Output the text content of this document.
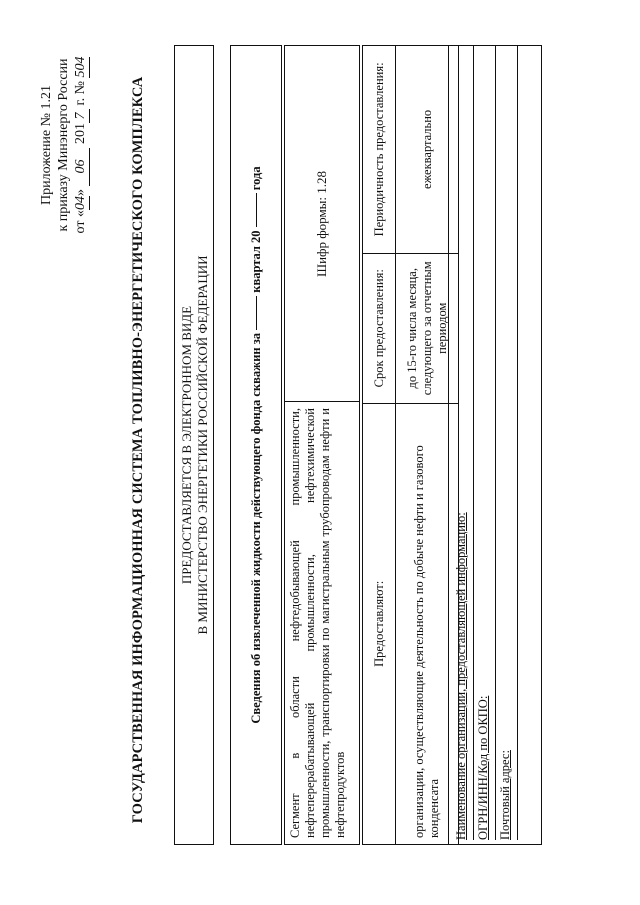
Приложение № 1.21 к приказу Минэнерго России от «04» 06 2017 г. № 504
ГОСУДАРСТВЕННАЯ ИНФОРМАЦИОННАЯ СИСТЕМА ТОПЛИВНО-ЭНЕРГЕТИЧЕСКОГО КОМПЛЕКСА	ПРЕДОСТАВЛЯЕТСЯ В ЭЛЕКТРОННОМ ВИДЕ В МИНИСТЕРСТВО ЭНЕРГЕТИКИ РОССИЙСКОЙ ФЕДЕРАЦИИ	Сведения об извлеченной жидкости действующего фонда скважин за

квартал 20

года
Сегмент в области нефтедобывающей промышленности, нефтеперерабатывающей промышленности, нефтехимической промышленности, транспортировки по магистральным трубопроводам нефти и нефтепродуктов
Шифр формы: 1.28
Предоставляют:	Срок предоставления:	Периодичность предоставления:
организации, осуществляющие деятельность по добыче нефти и газового конденсата	до 15-го числа месяца, следующего за отчетным периодом	ежеквартально
Наименование организации, предоставляющей информацию: ОГРН/ИНН/Код по ОКПО: Почтовый адрес:
